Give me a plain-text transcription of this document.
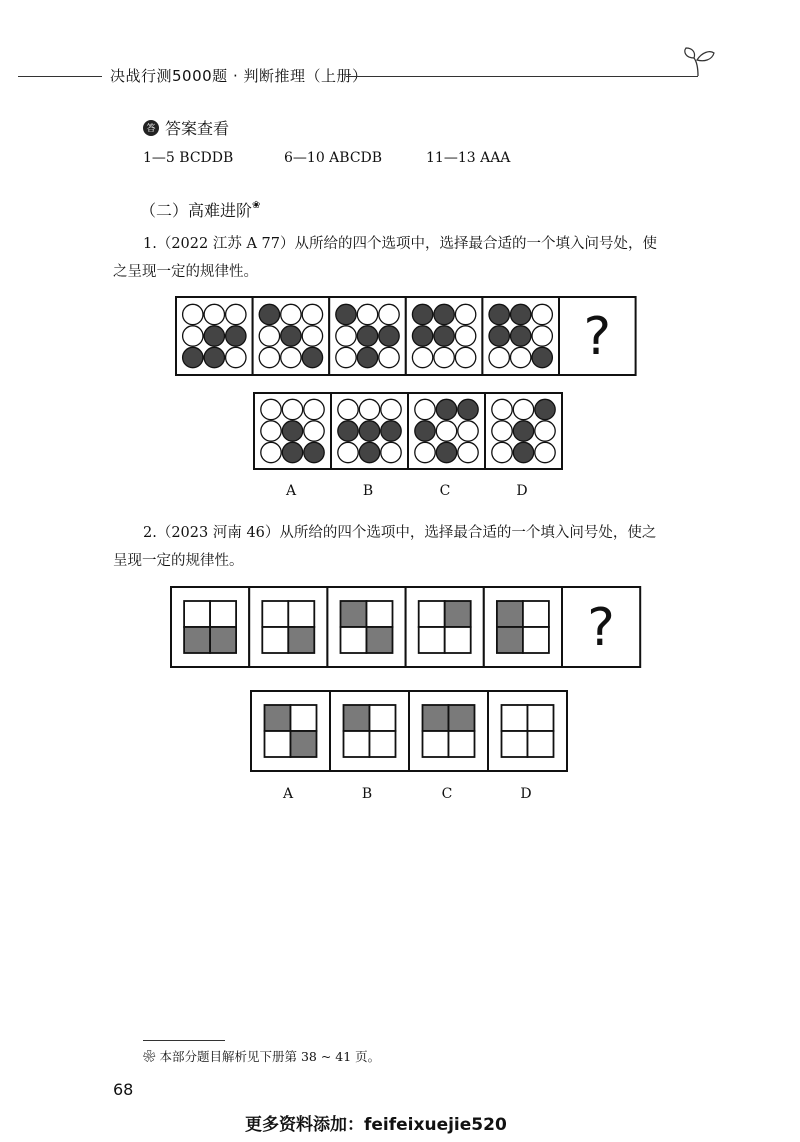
决战行测5000题 · 判断推理（上册）
答 答案查看
1—5 BCDDB	6—10 ABCDB	11—13 AAA
（二）高难进阶❀
1.（2022 江苏 A 77）从所给的四个选项中，选择最合适的一个填入问号处，使
之呈现一定的规律性。
?
A	B	C	D
2.（2023 河南 46）从所给的四个选项中，选择最合适的一个填入问号处，使之
呈现一定的规律性。
?
A	B	C	D
❀ 本部分题目解析见下册第 38 ~ 41 页。
68
更多资料添加：feifeixuejie520
